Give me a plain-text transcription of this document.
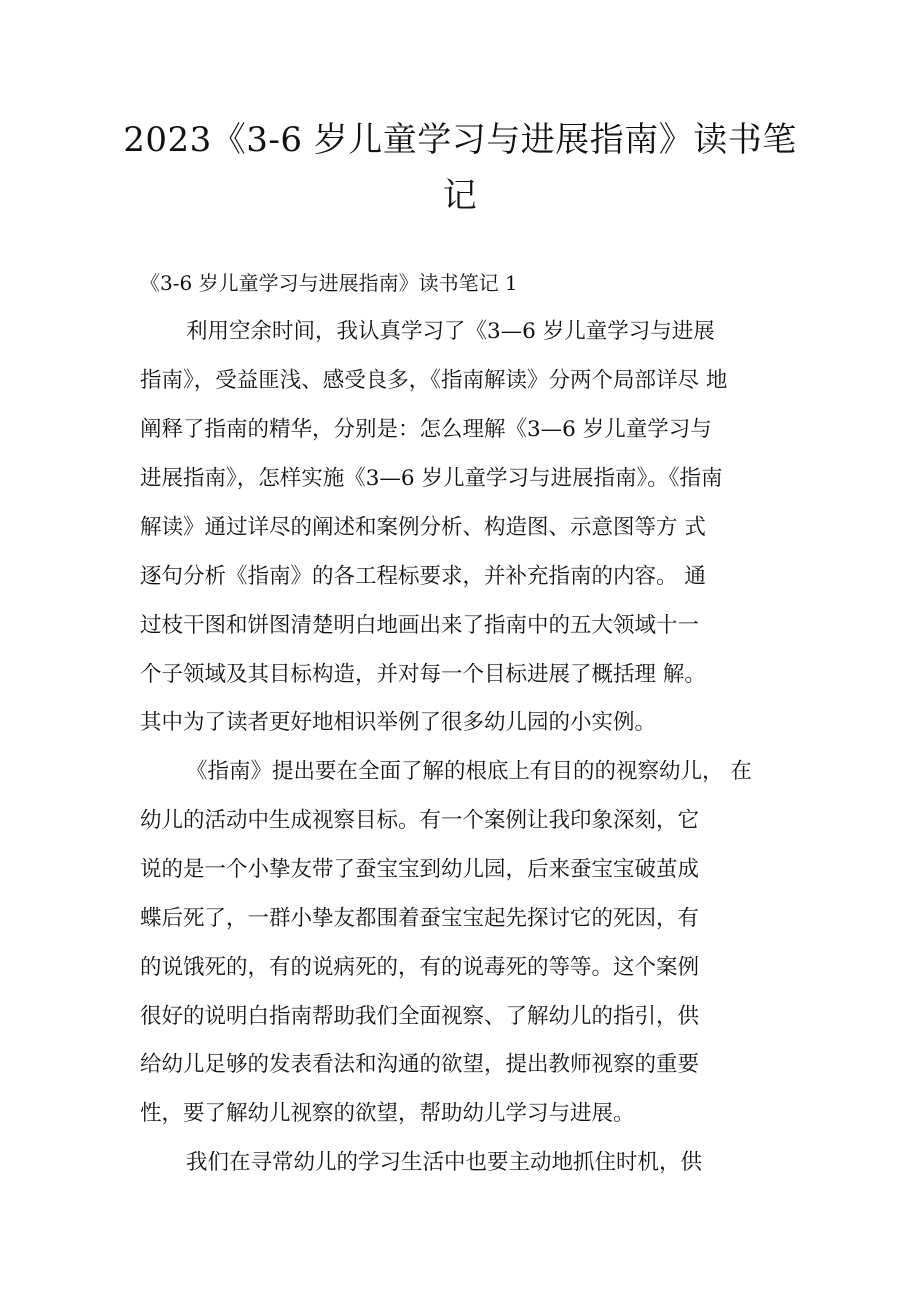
2023《3-6 岁儿童学习与进展指南》读书笔
记

《3-6 岁儿童学习与进展指南》读书笔记 1

利用空余时间，我认真学习了《3—6 岁儿童学习与进展

指南》，受益匪浅、感受良多，《指南解读》分两个局部详尽 地

阐释了指南的精华，分别是：怎么理解《3—6 岁儿童学习与

进展指南》，怎样实施《3—6 岁儿童学习与进展指南》。《指南

解读》通过详尽的阐述和案例分析、构造图、示意图等方 式

逐句分析《指南》的各工程标要求，并补充指南的内容。 通

过枝干图和饼图清楚明白地画出来了指南中的五大领域十一

个子领域及其目标构造，并对每一个目标进展了概括理 解。

其中为了读者更好地相识举例了很多幼儿园的小实例。

《指南》提出要在全面了解的根底上有目的的视察幼儿， 在

幼儿的活动中生成视察目标。有一个案例让我印象深刻，它

说的是一个小挚友带了蚕宝宝到幼儿园，后来蚕宝宝破茧成

蝶后死了，一群小挚友都围着蚕宝宝起先探讨它的死因，有

的说饿死的，有的说病死的，有的说毒死的等等。这个案例

很好的说明白指南帮助我们全面视察、了解幼儿的指引，供

给幼儿足够的发表看法和沟通的欲望，提出教师视察的重要

性，要了解幼儿视察的欲望，帮助幼儿学习与进展。

我们在寻常幼儿的学习生活中也要主动地抓住时机，供
